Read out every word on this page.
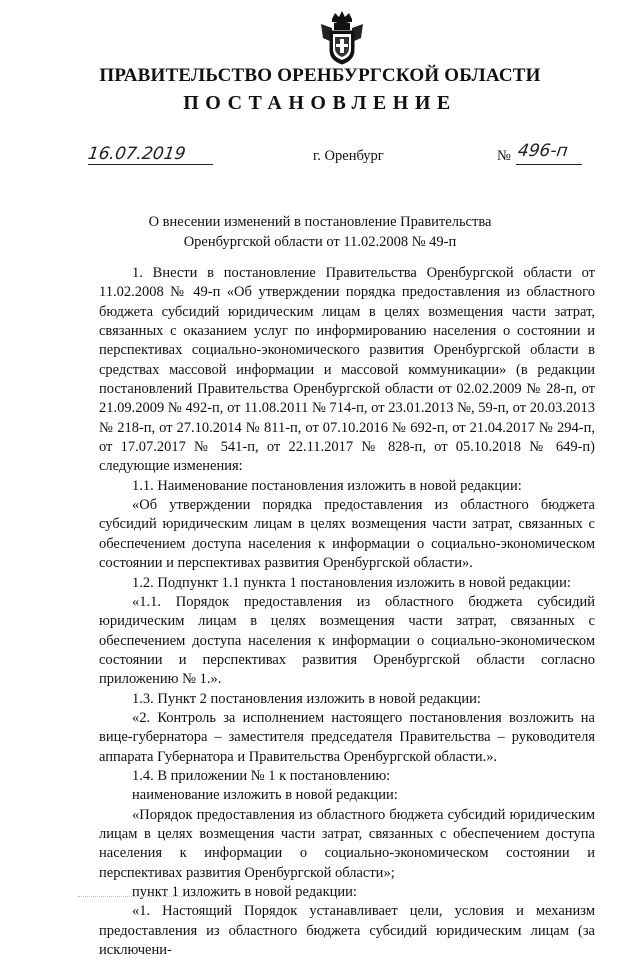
ПРАВИТЕЛЬСТВО ОРЕНБУРГСКОЙ ОБЛАСТИ
ПОСТАНОВЛЕНИЕ
16.07.2019	г. Оренбург	№ 496-п
О внесении изменений в постановление Правительства
Оренбургской области от 11.02.2008 № 49-п

1. Внести в постановление Правительства Оренбургской области от 11.02.2008 № 49-п «Об утверждении порядка предоставления из областного бюджета субсидий юридическим лицам в целях возмещения части затрат, связанных с оказанием услуг по информированию населения о состоянии и перспективах социально-экономического развития Оренбургской области в средствах массовой информации и массовой коммуникации» (в редакции постановлений Правительства Оренбургской области от 02.02.2009 № 28-п, от 21.09.2009 № 492-п, от 11.08.2011 № 714-п, от 23.01.2013 №, 59-п, от 20.03.2013 № 218-п, от 27.10.2014 № 811-п, от 07.10.2016 № 692-п, от 21.04.2017 № 294-п, от 17.07.2017 № 541-п, от 22.11.2017 № 828-п, от 05.10.2018 № 649-п) следующие изменения:

1.1. Наименование постановления изложить в новой редакции:

«Об утверждении порядка предоставления из областного бюджета субсидий юридическим лицам в целях возмещения части затрат, связанных с обеспечением доступа населения к информации о социально-экономическом состоянии и перспективах развития Оренбургской области».

1.2. Подпункт 1.1 пункта 1 постановления изложить в новой редакции:

«1.1. Порядок предоставления из областного бюджета субсидий юридическим лицам в целях возмещения части затрат, связанных с обеспечением доступа населения к информации о социально-экономическом состоянии и перспективах развития Оренбургской области согласно приложению № 1.».

1.3. Пункт 2 постановления изложить в новой редакции:

«2. Контроль за исполнением настоящего постановления возложить на вице-губернатора – заместителя председателя Правительства – руководителя аппарата Губернатора и Правительства Оренбургской области.».

1.4. В приложении № 1 к постановлению:

наименование изложить в новой редакции:

«Порядок предоставления из областного бюджета субсидий юридическим лицам в целях возмещения части затрат, связанных с обеспечением доступа населения к информации о социально-экономическом состоянии и перспективах развития Оренбургской области»;

пункт 1 изложить в новой редакции:

«1. Настоящий Порядок устанавливает цели, условия и механизм предоставления из областного бюджета субсидий юридическим лицам (за исключени-
